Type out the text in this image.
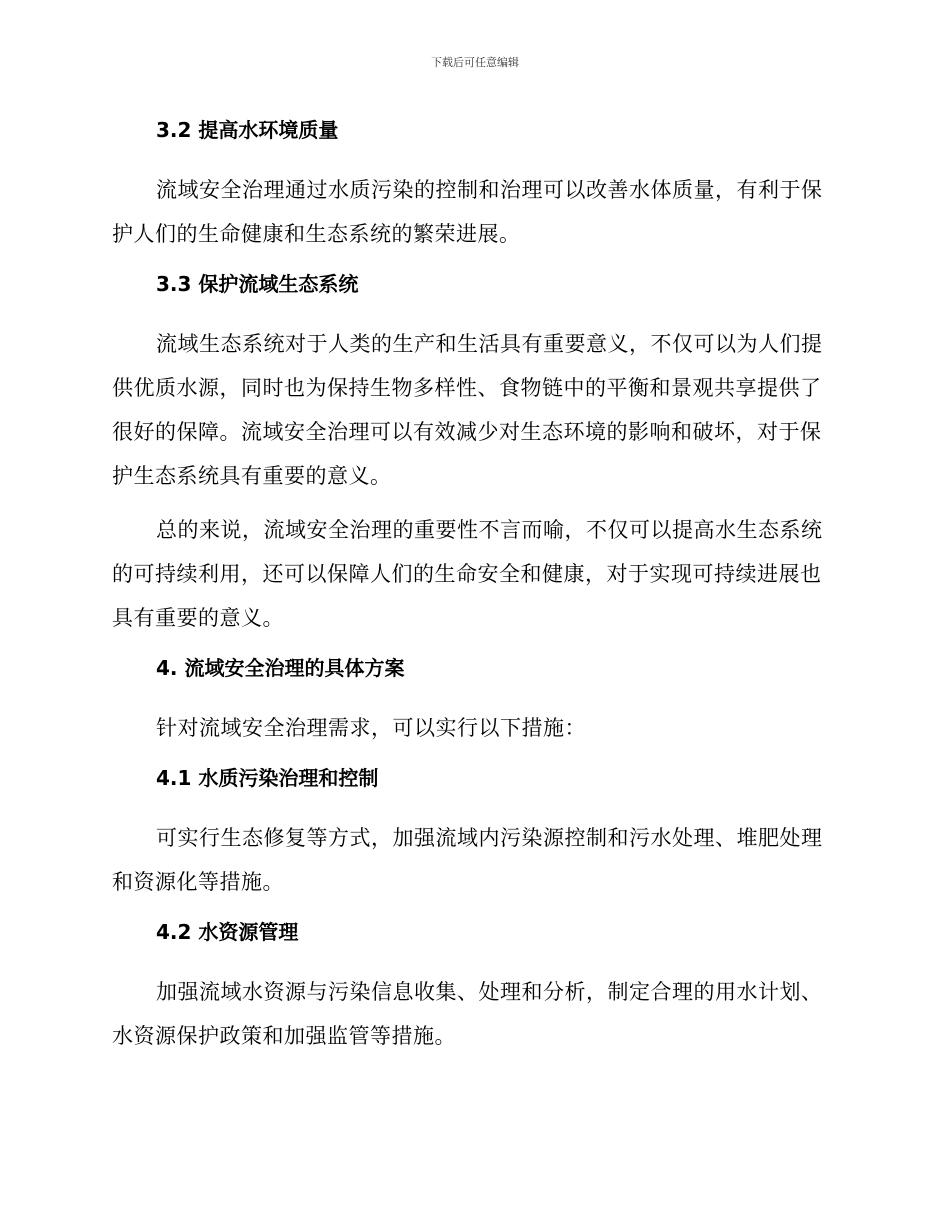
下载后可任意编辑
3.2 提高水环境质量

流域安全治理通过水质污染的控制和治理可以改善水体质量，有利于保护人们的生命健康和生态系统的繁荣进展。

3.3 保护流域生态系统

流域生态系统对于人类的生产和生活具有重要意义，不仅可以为人们提供优质水源，同时也为保持生物多样性、食物链中的平衡和景观共享提供了很好的保障。流域安全治理可以有效减少对生态环境的影响和破坏，对于保护生态系统具有重要的意义。

总的来说，流域安全治理的重要性不言而喻，不仅可以提高水生态系统的可持续利用，还可以保障人们的生命安全和健康，对于实现可持续进展也具有重要的意义。

4. 流域安全治理的具体方案

针对流域安全治理需求，可以实行以下措施：

4.1 水质污染治理和控制

可实行生态修复等方式，加强流域内污染源控制和污水处理、堆肥处理和资源化等措施。

4.2 水资源管理

加强流域水资源与污染信息收集、处理和分析，制定合理的用水计划、水资源保护政策和加强监管等措施。
